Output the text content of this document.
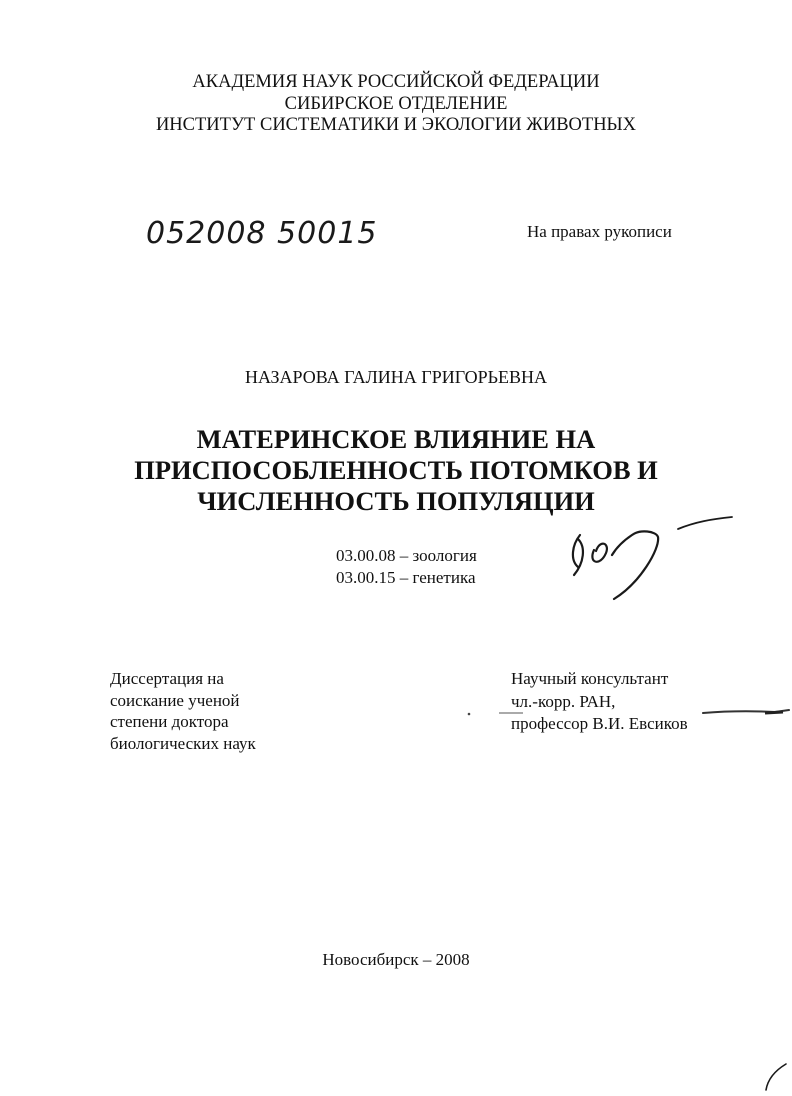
АКАДЕМИЯ НАУК РОССИЙСКОЙ ФЕДЕРАЦИИ
СИБИРСКОЕ ОТДЕЛЕНИЕ
ИНСТИТУТ СИСТЕМАТИКИ И ЭКОЛОГИИ ЖИВОТНЫХ
052008 50015	На правах рукописи
НАЗАРОВА ГАЛИНА ГРИГОРЬЕВНА
МАТЕРИНСКОЕ ВЛИЯНИЕ НА
ПРИСПОСОБЛЕННОСТЬ ПОТОМКОВ И
ЧИСЛЕННОСТЬ ПОПУЛЯЦИИ
03.00.08 – зоология
03.00.15 – генетика
Диссертация на
соискание ученой
степени доктора
биологических наук
Научный консультант
чл.-корр. РАН,
профессор В.И. Евсиков
Новосибирск – 2008
